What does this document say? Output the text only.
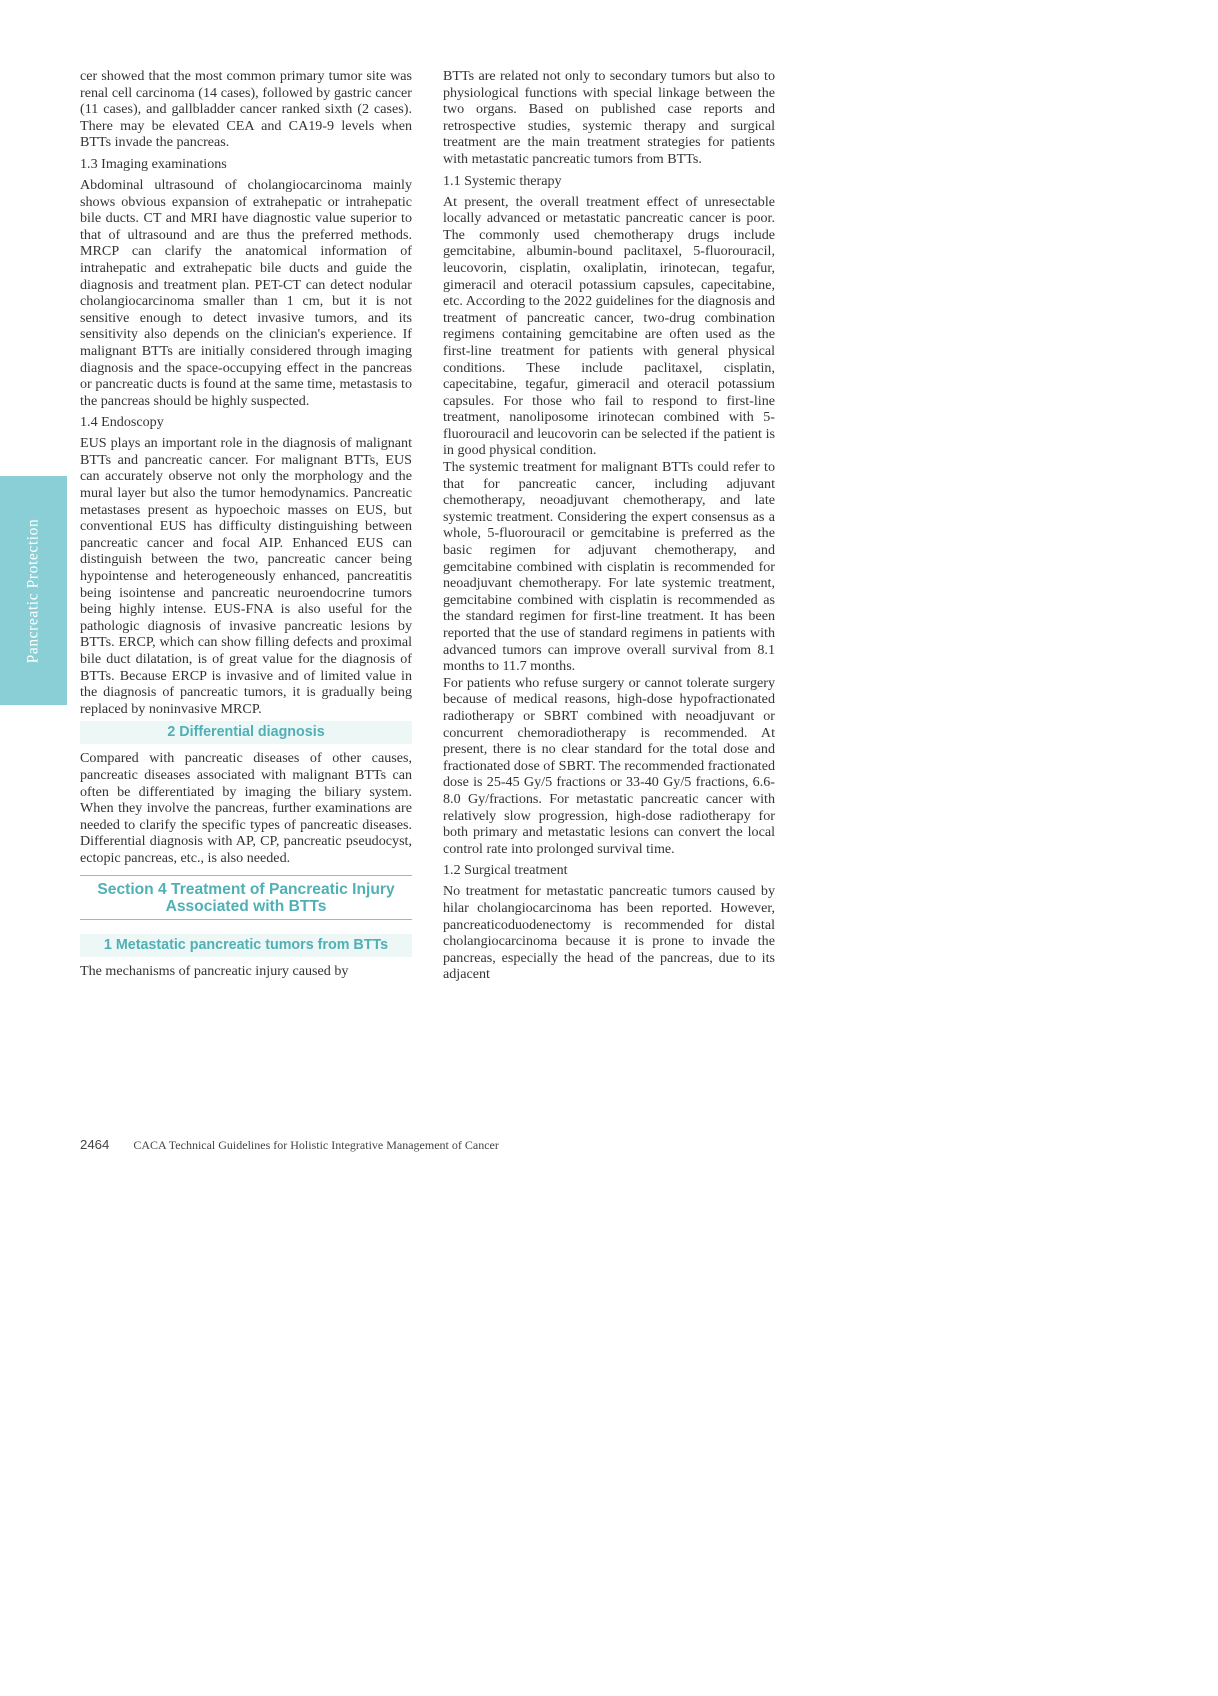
Pancreatic Protection

cer showed that the most common primary tumor site was renal cell carcinoma (14 cases), followed by gastric cancer (11 cases), and gallbladder cancer ranked sixth (2 cases). There may be elevated CEA and CA19-9 levels when BTTs invade the pancreas.

1.3 Imaging examinations

Abdominal ultrasound of cholangiocarcinoma mainly shows obvious expansion of extrahepatic or intrahepatic bile ducts. CT and MRI have diagnostic value superior to that of ultrasound and are thus the preferred methods. MRCP can clarify the anatomical information of intrahepatic and extrahepatic bile ducts and guide the diagnosis and treatment plan. PET-CT can detect nodular cholangiocarcinoma smaller than 1 cm, but it is not sensitive enough to detect invasive tumors, and its sensitivity also depends on the clinician's experience. If malignant BTTs are initially considered through imaging diagnosis and the space-occupying effect in the pancreas or pancreatic ducts is found at the same time, metastasis to the pancreas should be highly suspected.

1.4 Endoscopy

EUS plays an important role in the diagnosis of malignant BTTs and pancreatic cancer. For malignant BTTs, EUS can accurately observe not only the morphology and the mural layer but also the tumor hemodynamics. Pancreatic metastases present as hypoechoic masses on EUS, but conventional EUS has difficulty distinguishing between pancreatic cancer and focal AIP. Enhanced EUS can distinguish between the two, pancreatic cancer being hypointense and heterogeneously enhanced, pancreatitis being isointense and pancreatic neuroendocrine tumors being highly intense. EUS-FNA is also useful for the pathologic diagnosis of invasive pancreatic lesions by BTTs. ERCP, which can show filling defects and proximal bile duct dilatation, is of great value for the diagnosis of BTTs. Because ERCP is invasive and of limited value in the diagnosis of pancreatic tumors, it is gradually being replaced by noninvasive MRCP.

2 Differential diagnosis

Compared with pancreatic diseases of other causes, pancreatic diseases associated with malignant BTTs can often be differentiated by imaging the biliary system. When they involve the pancreas, further examinations are needed to clarify the specific types of pancreatic diseases. Differential diagnosis with AP, CP, pancreatic pseudocyst, ectopic pancreas, etc., is also needed.

Section 4 Treatment of Pancreatic Injury
Associated with BTTs
1 Metastatic pancreatic tumors from BTTs

The mechanisms of pancreatic injury caused by

BTTs are related not only to secondary tumors but also to physiological functions with special linkage between the two organs. Based on published case reports and retrospective studies, systemic therapy and surgical treatment are the main treatment strategies for patients with metastatic pancreatic tumors from BTTs.

1.1 Systemic therapy

At present, the overall treatment effect of unresectable locally advanced or metastatic pancreatic cancer is poor. The commonly used chemotherapy drugs include gemcitabine, albumin-bound paclitaxel, 5-fluorouracil, leucovorin, cisplatin, oxaliplatin, irinotecan, tegafur, gimeracil and oteracil potassium capsules, capecitabine, etc. According to the 2022 guidelines for the diagnosis and treatment of pancreatic cancer, two-drug combination regimens containing gemcitabine are often used as the first-line treatment for patients with general physical conditions. These include paclitaxel, cisplatin, capecitabine, tegafur, gimeracil and oteracil potassium capsules. For those who fail to respond to first-line treatment, nanoliposome irinotecan combined with 5-fluorouracil and leucovorin can be selected if the patient is in good physical condition.

The systemic treatment for malignant BTTs could refer to that for pancreatic cancer, including adjuvant chemotherapy, neoadjuvant chemotherapy, and late systemic treatment. Considering the expert consensus as a whole, 5-fluorouracil or gemcitabine is preferred as the basic regimen for adjuvant chemotherapy, and gemcitabine combined with cisplatin is recommended for neoadjuvant chemotherapy. For late systemic treatment, gemcitabine combined with cisplatin is recommended as the standard regimen for first-line treatment. It has been reported that the use of standard regimens in patients with advanced tumors can improve overall survival from 8.1 months to 11.7 months.

For patients who refuse surgery or cannot tolerate surgery because of medical reasons, high-dose hypofractionated radiotherapy or SBRT combined with neoadjuvant or concurrent chemoradiotherapy is recommended. At present, there is no clear standard for the total dose and fractionated dose of SBRT. The recommended fractionated dose is 25-45 Gy/5 fractions or 33-40 Gy/5 fractions, 6.6-8.0 Gy/fractions. For metastatic pancreatic cancer with relatively slow progression, high-dose radiotherapy for both primary and metastatic lesions can convert the local control rate into prolonged survival time.

1.2 Surgical treatment

No treatment for metastatic pancreatic tumors caused by hilar cholangiocarcinoma has been reported. However, pancreaticoduodenectomy is recommended for distal cholangiocarcinoma because it is prone to invade the pancreas, especially the head of the pancreas, due to its adjacent

2464 CACA Technical Guidelines for Holistic Integrative Management of Cancer
